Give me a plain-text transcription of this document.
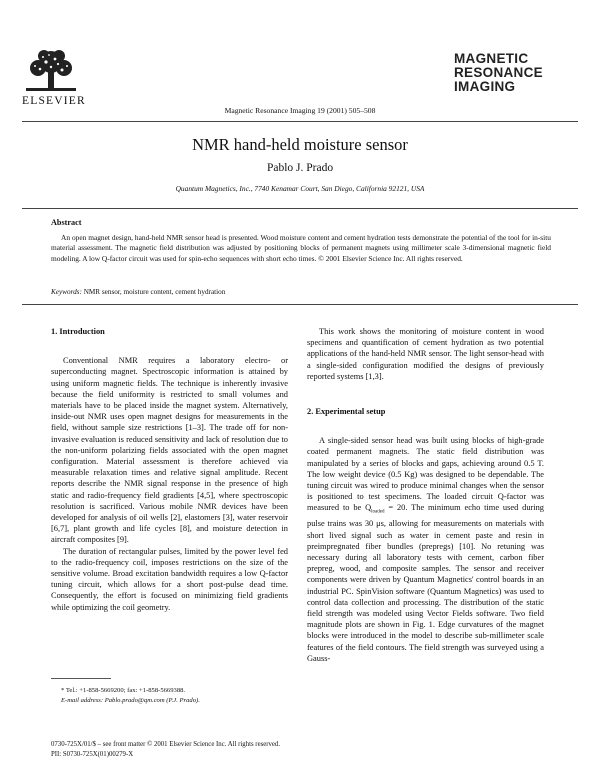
ELSEVIER
Magnetic Resonance Imaging 19 (2001) 505–508
MAGNETIC
RESONANCE
IMAGING
NMR hand-held moisture sensor
Pablo J. Prado
Quantum Magnetics, Inc., 7740 Kenamar Court, San Diego, California 92121, USA
Abstract
An open magnet design, hand-held NMR sensor head is presented. Wood moisture content and cement hydration tests demonstrate the potential of the tool for in-situ material assessment. The magnetic field distribution was adjusted by positioning blocks of permanent magnets using millimeter scale 3-dimensional magnetic field modeling. A low Q-factor circuit was used for spin-echo sequences with short echo times. © 2001 Elsevier Science Inc. All rights reserved.
Keywords: NMR sensor, moisture content, cement hydration
1. Introduction

Conventional NMR requires a laboratory electro- or superconducting magnet. Spectroscopic information is attained by using uniform magnetic fields. The technique is inherently invasive because the field uniformity is restricted to small volumes and materials have to be placed inside the magnet system. Alternatively, inside-out NMR uses open magnet designs for measurements in the field, without sample size restrictions [1–3]. The trade off for non-invasive evaluation is reduced sensitivity and lack of resolution due to the non-uniform polarizing fields associated with the open magnet configuration. Material assessment is therefore achieved via measurable relaxation times and relative signal amplitude. Recent reports describe the NMR signal response in the presence of high static and radio-frequency field gradients [4,5], where spectroscopic resolution is sacrificed. Various mobile NMR devices have been developed for analysis of oil wells [2], elastomers [3], water reservoir [6,7], plant growth and life cycles [8], and moisture detection in aircraft composites [9].

The duration of rectangular pulses, limited by the power level fed to the radio-frequency coil, imposes restrictions on the size of the sensitive volume. Broad excitation bandwidth requires a low Q-factor tuning circuit, which allows for a short post-pulse dead time. Consequently, the effort is focused on minimizing field gradients while optimizing the coil geometry.

This work shows the monitoring of moisture content in wood specimens and quantification of cement hydration as two potential applications of the hand-held NMR sensor. The light sensor-head with a single-sided configuration modified the designs of previously reported systems [1,3].

2. Experimental setup

A single-sided sensor head was built using blocks of high-grade coated permanent magnets. The static field distribution was manipulated by a series of blocks and gaps, achieving around 0.5 T. The low weight device (0.5 Kg) was designed to be dependable. The tuning circuit was wired to produce minimal changes when the sensor is positioned to test specimens. The loaded circuit Q-factor was measured to be $Q_{loaded} = 20$. The minimum echo time used during pulse trains was 30 μs, allowing for measurements on materials with short lived signal such as water in cement paste and resin in preimpregnated fiber bundles (prepregs) [10]. No retuning was necessary during all laboratory tests with cement, carbon fiber prepreg, wood, and composite samples. The sensor and receiver components were driven by Quantum Magnetics' control boards in an industrial PC. SpinVision software (Quantum Magnetics) was used to control data collection and processing. The distribution of the static field strength was modeled using Vector Fields software. Two field magnitude plots are shown in Fig. 1. Edge curvatures of the magnet blocks were introduced in the model to describe sub-millimeter scale features of the field contours. The field strength was surveyed using a Gauss-

* Tel.: +1-858-5669200; fax: +1-858-5669388.
E-mail address: Pablo.prado@qm.com (P.J. Prado).
0730-725X/01/$ – see front matter © 2001 Elsevier Science Inc. All rights reserved.
PII: S0730-725X(01)00279-X
